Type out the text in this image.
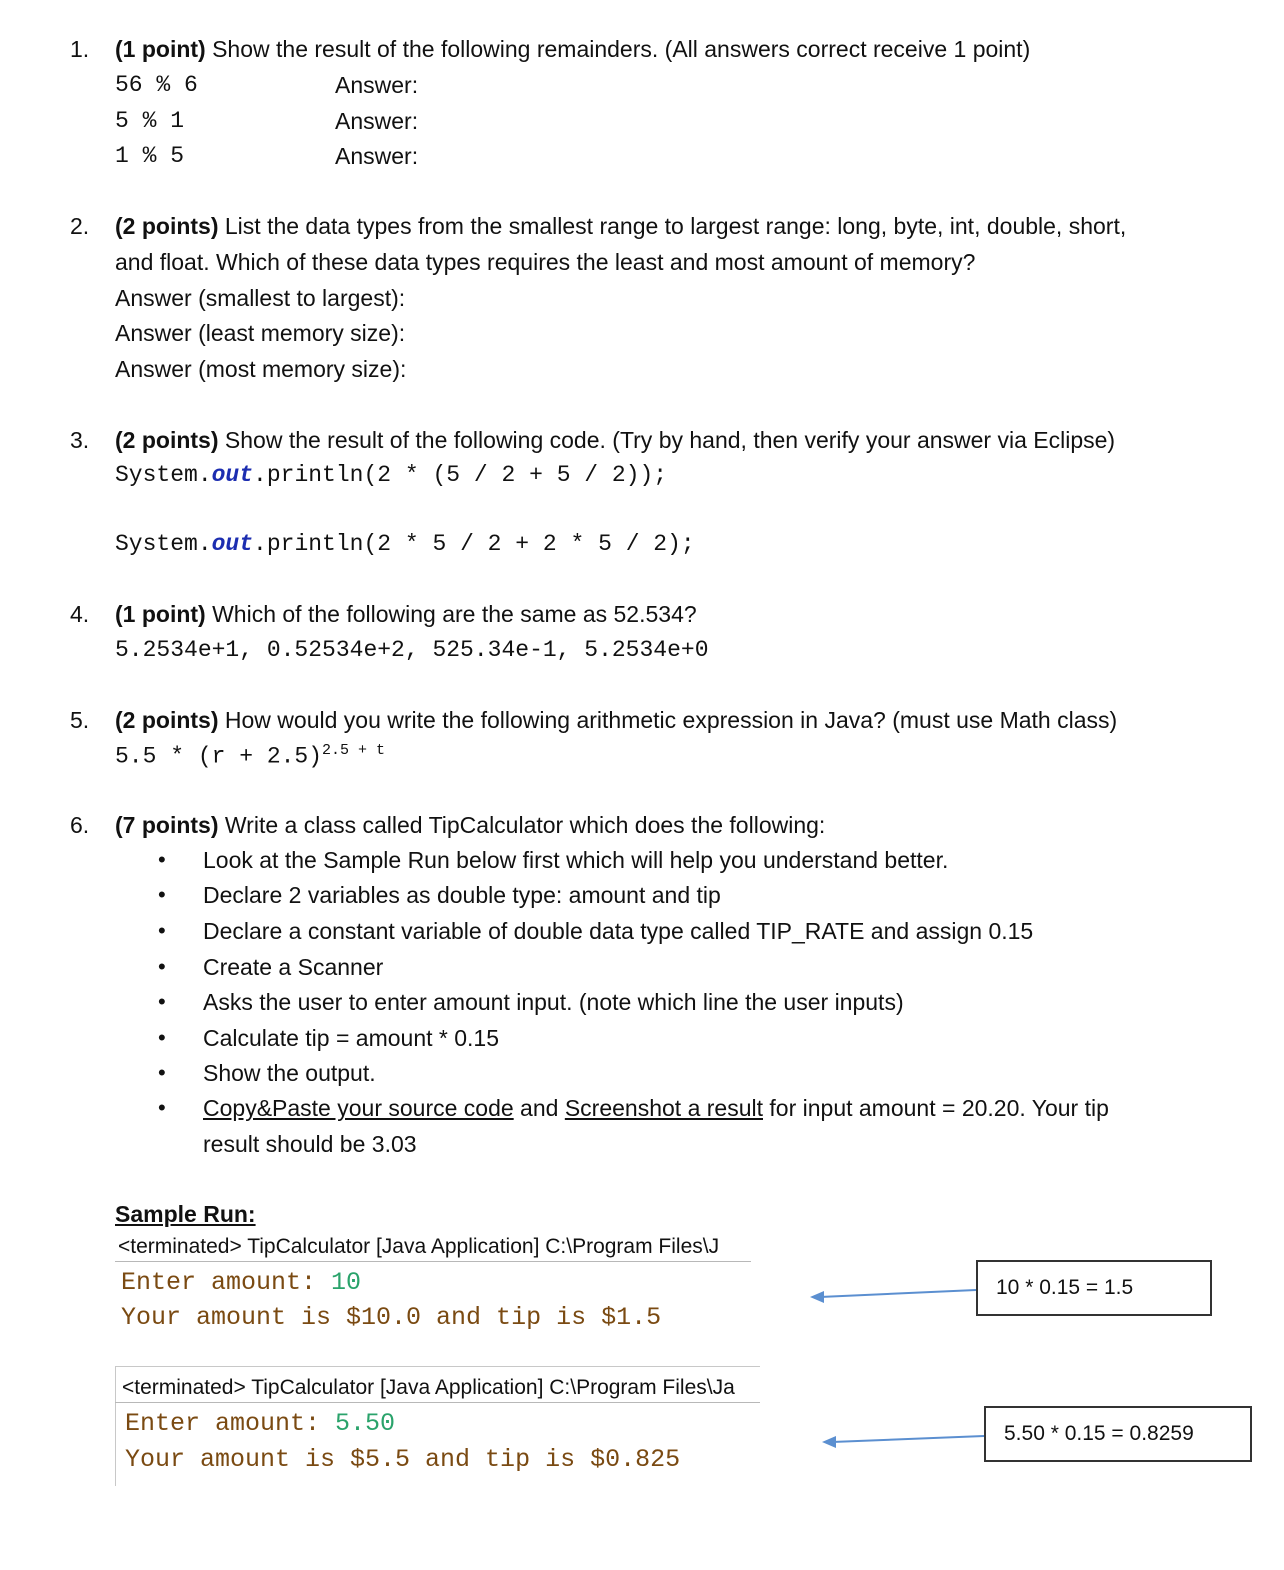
1. (1 point) Show the result of the following remainders. (All answers correct receive 1 point)
56 % 6	Answer:
5 % 1	Answer:
1 % 5	Answer:
2. (2 points) List the data types from the smallest range to largest range: long, byte, int, double, short,
and float. Which of these data types requires the least and most amount of memory?
Answer (smallest to largest):
Answer (least memory size):
Answer (most memory size):
3. (2 points) Show the result of the following code. (Try by hand, then verify your answer via Eclipse)
System.out.println(2 * (5 / 2 + 5 / 2));
System.out.println(2 * 5 / 2 + 2 * 5 / 2);
4. (1 point) Which of the following are the same as 52.534?
5.2534e+1, 0.52534e+2, 525.34e-1, 5.2534e+0
5. (2 points) How would you write the following arithmetic expression in Java? (must use Math class)
$5.5 * (r + 2.5)^{2.5 + t}$
6. (7 points) Write a class called TipCalculator which does the following:
• Look at the Sample Run below first which will help you understand better.
• Declare 2 variables as double type: amount and tip
• Declare a constant variable of double data type called TIP_RATE and assign 0.15
• Create a Scanner
• Asks the user to enter amount input. (note which line the user inputs)
• Calculate tip = amount * 0.15
• Show the output.
• Copy&Paste your source code and Screenshot a result for input amount = 20.20. Your tip
result should be 3.03
Sample Run:
<terminated> TipCalculator [Java Application] C:\Program Files\J
Enter amount: 10
Your amount is $10.0 and tip is $1.5
<terminated> TipCalculator [Java Application] C:\Program Files\Ja
Enter amount: 5.50
Your amount is $5.5 and tip is $0.825
10 * 0.15 = 1.5
5.50 * 0.15 = 0.8259
